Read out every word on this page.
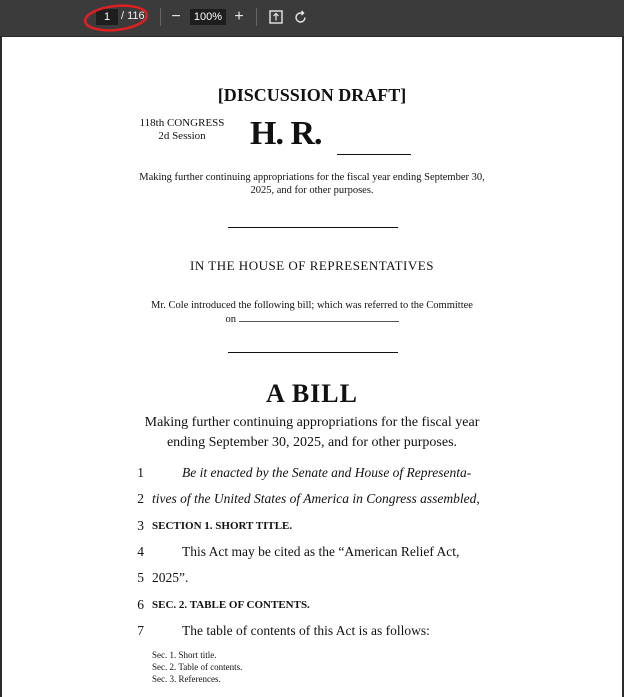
1
/ 116	−	100% +
[DISCUSSION DRAFT]
118th CONGRESS
2d Session	H. R.
Making further continuing appropriations for the fiscal year ending September 30, 2025, and for other purposes.
IN THE HOUSE OF REPRESENTATIVES
Mr. Cole introduced the following bill; which was referred to the Committee
on
A BILL
Making further continuing appropriations for the fiscal year ending September 30, 2025, and for other purposes.
1	Be it enacted by the Senate and House of Representa-
2 tives of the United States of America in Congress assembled,
3 SECTION 1. SHORT TITLE.
4	This Act may be cited as the “American Relief Act,
5 2025”.
6 SEC. 2. TABLE OF CONTENTS.
7	The table of contents of this Act is as follows:
Sec. 1. Short title.
Sec. 2. Table of contents.
Sec. 3. References.
